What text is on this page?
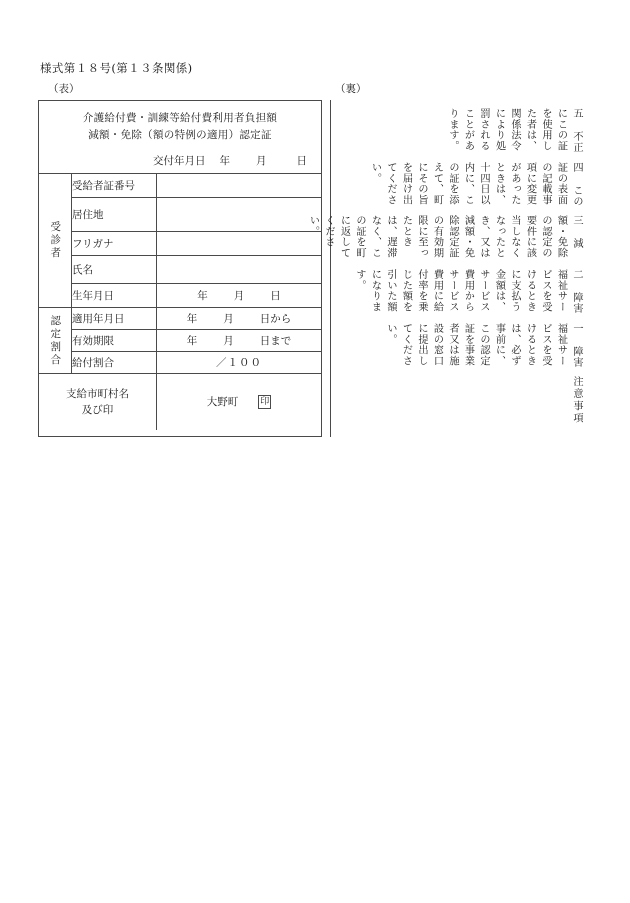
様式第１８号(第１３条関係)
（表）	（裏）
介護給付費・訓練等給付費利用者負担額
減額・免除（額の特例の適用）認定証
交付年月日 年 月	日
受診者	受給者証番号	

	居住地	
	フリガナ	
	氏名	
	生年月日	年 月 日

認定割合	適用年月日	年 月 日から

	有効期限	年 月 日まで

	給付割合	／１００

支給市町村名
及び印		大野町 印
五　不正にこの証を使用した者は、関係法令により処罰されることがあります。
四　この証の表面の記載事項に変更があったときは、十四日以内に、この証を添えて、町にその旨を届け出てください。
三　減額・免除の認定の要件に該当しなくなったとき、又は減額・免除認定証の有効期限に至ったときは、遅滞なく、この証を町に返してください。
二　障害福祉サービスを受けるときに支払う金額は、サービス費用からサービス費用に給付率を乗じた額を引いた額になります。
一　障害福祉サービスを受けるときは、必ず事前に、この認定証を事業者又は施設の窓口に提出してください。
注意事項
